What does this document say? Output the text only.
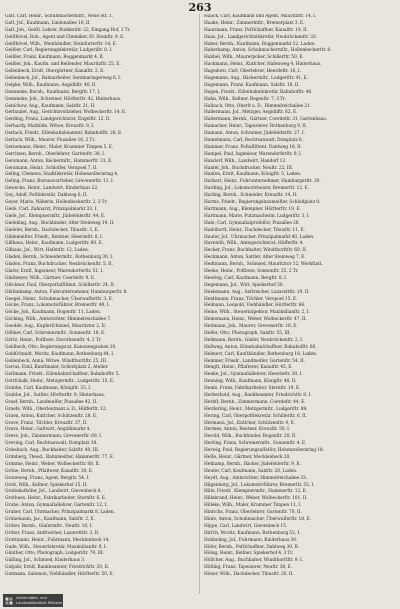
263

Gaſt, Carl, Heinr., Schuhmachermſtr., Neue Str. 1.

Gaſt, Joſ., Kaufmann, Lindenallee 10, II.

Gaſt, Joh., Geiſtl. Lehrer, Buddenſtr. 22, Eingang Hof, 1 Tr.

Geiſthövel, Rob., Agent und Chemiker, Fr. Steinſtr. 9, E.

Geiſthövel, Wilh., Weinhändler, Steinfurterſtr. 14, E.

Geißler, Carl, Regierungsſekretär, Ludgeriſtr. 8, I.

Geißler, Franz, Kaufmann, Roggenmarkt 4, II.

Geißler, Joh., Kaufm. und Reiſender, Mauritzſtr. 25, E.

Gellenbeck, Ernſt, Obergärtner, Kanalſtr. 2, E.

Gellenbeck, Joſ., Bahnarbeiter, Sentmaringerweg 6, I.

Gelpke, Wilh., Kaufmann, Aegidiiſtr. 40, II.

Gemmeke, Bernh., Kaufmann, Bergſtr. 17, I.

Gemmeke, Joh., Schreiner, Hörſterſtr. 42, Hinterhaus.

Genſchow, Aug., Kaufmann, Salzſtr. 21, II.

Gerbaulet, Aug., Gerichtsvollzieher, Wolbeckerſtr. 14, E.

Gerding, Franz, Landgerichtsrat, Engelſtr. 12, II.

Gerhardy, Mathilde, Witwe, Kreuzſtr. 9, I.

Gerlach, Friedr., Eiſenbahnbeamter, Bahnhofſtr. 28, E.

Gerlach, Wilh., Maurer, Piusallee 16, 2 Tr.

Gernemann, Heinr., Maler, Krummer Timpen 5, E.

Gerritzen, Bernh., Oberlehrer, Gartenſtr. 38, I.

Gersmann, Anton, Bäckermſtr., Hammerſtr. 31, E.

Gersmann, Heinr., Schloſſer, Verspoel 7, II.

Geſing, Clemens, Stadtſekretär, Hohenzollernring 4.

Geſing, Franz, Bureauvorſteher, Grevenerſtr. 11, I.

Gewecke, Heinr., Landwirt, Kinderhaus 22.

Gey, Adolf, Poſtſekretär, Dahlweg 6, II.

Geyer, Marie, Näherin, Hollenbeckerſtr. 2, 3 Tr.

Gieſe, Carl, Zahnarzt, Prinzipalmarkt 33, I.

Gieſe, Joſ., Klempnermſtr., Jüdefelderſtr. 44, E.

Gieſeking, Aug., Buchbinder, Alter Steinweg 19, II.

Gieſeler, Bernh., Dachdecker, Tibusſtr. 3, E.

Gildemeiſter, Friedr., Rentner, Heerdeſtr. 8, I.

Gillhaus, Heinr., Kaufmann, Ludgeriſtr. 60, E.

Gilhaus, Joſ., Wirt, Hafenſtr. 12, Laden.

Gladen, Bernh., Schneidermſtr., Rothenburg 30, I.

Gladen, Franz, Buchdrucker, Neubrückenſtr. 5, II.

Glaſer, Ernſt, Ingenieur, Warendorferſtr. 51, I.

Glaſmeyer, Wilh., Gärtner, Coerdeſtr. 9, E.

Glöckner, Paul, Oberpoſtaſſiſtent, Schillerſtr. 24, II.

Glüſenkamp, Anton, Fuhrunternehmer, Hamburgerſtr. 8.

Gnegel, Heinr., Schuhmacher, Überwaſſerſtr. 3, E.

Göcke, Franz, Lokomotivführer, Bremerſtr. 40, I.

Göcke, Joh., Kaufmann, Bogenſtr. 11, Laden.

Göcking, Wilh., Amtsrichter, Himmelreichallee 7.

Goedde, Aug., Kupferſchmied, Mauritztor 2, II.

Göllner, Carl, Schreinermſtr., Sonnenſtr. 18, E.

Görtz, Heinr., Poſtbote, Dorotheenſtr. 4, 2 Tr.

Goldbeck, Otto, Regierungsrat, Kanonengraben 10.

Goldſchmidt, Moritz, Kaufmann, Rothenburg 44, I.

Gollenbeck, Anna, Witwe, Windthorſtſtr. 25, III.

Gorius, Emil, Kunſtmaler, Schloßplatz 2, Atelier.

Goſſmann, Friedr., Eiſenbahnſchaffner, Bahnhofſtr. 5.

Gottſchalk, Heinr., Metzgermſtr., Ludgeriſtr. 15, E.

Grabbe, Carl, Kaufmann, Königſtr. 33, I.

Grabbe, Joſ., Sattler, Hörſterſtr. 9, Hinterhaus.

Graef, Bernh., Landmeſſer, Piusallee 42, II.

Graefe, Wilh., Oberleutnant a. D., Hüfferſtr. 12.

Graen, Anton, Kutſcher, Schützenſtr. 28, E.

Grave, Franz, Tiſchler, Kreuzſtr. 37, II.

Grave, Heinr., Gaſtwirt, Aegidiimarkt 4.

Greve, Joh., Zimmermann, Grevenerſtr. 60, I.

Greving, Carl, Rechtsanwalt, Domplatz 18.

Griesbach, Aug., Buchhalter, Salzſtr. 40, III.

Grimberg, Theod., Bahnmeiſter, Hammerſtr. 77, E.

Grimme, Heinr., Weber, Wolbeckerſtr. 88, II.

Gröne, Bernh., Pflaſterer, Kanalſtr. 30, E.

Groneweg, Franz, Agent, Bergſtr. 54, I.

Groß, Wilh., Kellner, Spiekerhof 15, II.

Großekathöfer, Joſ., Landwirt, Gievenbeck 8.

Grothues, Heinr., Fabrikarbeiter, Sternſtr. 6, E.

Grube, Anton, Gymnaſiallehrer, Gartenſtr. 12, I.

Gruber, Carl, Uhrmacher, Prinzipalmarkt 8, Laden.

Grünebaum, Jac., Kaufmann, Salzſtr. 2, E.

Grüter, Bernh., Glaſermſtr., Neuſtr. 10, I.

Grüter, Franz, Anſtreicher, Lazarettſtr. 3, II.

Gruttmann, Heinr., Fuhrmann, Mecklenbeck 14.

Gude, Wilh., Steuerſekretär, Maximilianſtr. 9, I.

Günther, Otto, Photograph, Ludgeriſtr. 79, III.

Güſſing, Joſ., Schmied, Kinderhaus 3.

Gutjahr, Ernſt, Bankbeamter, Friedrichſtr. 20, II.

Gutmann, Salomon, Viehhändler, Hörſterſtr. 50, E.

Haack, Carl, Kaufmann und Agent, Mauritzſtr. 14, I.

Haake, Heinr., Zimmermſtr., Bremerplatz 3, E.

Haarmann, Franz, Poſtſchaffner, Kanalſtr. 19, II.

Haas, Joſ., Landgerichtsſekretär, Neubrückenſtr. 33.

Haber, Bernh., Kaufmann, Roggenmarkt 12, Laden.

Haberkamp, Anton, Schuhmachermſtr., Hollenbeckerſtr. 8.

Habbel, Wilh., Maurerpolier, Schillerſtr. 50, E.

Hackmann, Heinr., Kutſcher, Hafenweg 4, Hinterhaus.

Hagedorn, Carl, Oberlehrer, Heerdeſtr. 16, I.

Hagemann, Aug., Bäckermſtr., Ludgeriſtr. 41, E.

Hagemann, Franz, Kaufmann, Salzſtr. 18, II.

Hagen, Friedr., Eiſenbahnſekretär, Bahnhofſtr. 46.

Hahn, Wilh., Kellner, Bogenſtr. 7, 3 Tr.

Halbach, Otto, Oberſt a. D., Himmelreichallee 21.

Hallermann, Joſ., Metzger, Aegidiiſtr. 62, E.

Haltermann, Bernh., Gärtner, Coerdeſtr. 31, Gartenhaus.

Hamacher, Heinr., Tapezierer, Rothenburg 9, II.

Hamann, Anton, Schreiner, Jüdefelderſtr. 27, I.

Hamelmann, Carl, Rechtsanwalt, Domplatz 6.

Hammer, Franz, Poſtaſſiſtent, Dahlweg 18, II.

Hampel, Paul, Ingenieur, Warendorferſtr. 9, I.

Handorf, Wilh., Landwirt, Handorf 12.

Hanſel, Joh., Buchdrucker, Neuſtr. 22, III.

Hanſen, Ernſt, Kaufmann, Königſtr. 5, Laden.

Harbert, Heinr., Fuhrunternehmer, Hamburgerſtr. 30.

Harding, Joſ., Lokomotivheizer, Bremerſtr. 12, E.

Harling, Bernh., Schneider, Kreuzſtr. 14, II.

Harms, Friedr., Regierungsbaumeiſter, Schloßplatz 9.

Hartmann, Aug., Klempner, Hörſterſtr. 19, E.

Hartmann, Marie, Putzmacherin, Ludgeriſtr. 3, I.

Haſe, Carl, Gymnaſialprofeſſor, Piusallee 28.

Haſelhorſt, Heinr., Dachdecker, Tibusſtr. 11, E.

Hauſer, Joſ., Uhrmacher, Prinzipalmarkt 40, Laden.

Havenith, Wilh., Amtsgerichtsrat, Hüfferſtr. 4.

Hecker, Franz, Buchhalter, Windthorſtſtr. 60, II.

Heckmann, Anton, Sattler, Alter Steinweg 7, E.

Hedtmann, Bernh., Schmied, Mauritztor 12, Werkſtatt.

Heeke, Heinr., Poſtbote, Sonnenſtr. 35, 2 Tr.

Heering, Carl, Kaufmann, Bergſtr. 8, I.

Hegemann, Joſ., Wirt, Spiekerhof 30.

Heidemann, Aug., Anſtreicher, Lazarettſtr. 19, II.

Heidtmann, Franz, Tiſchler, Verspoel 15, E.

Heimann, Leopold, Viehhändler, Hörſterſtr. 66.

Heine, Wilh., Steuerinſpektor, Maximilianſtr. 2, I.

Heinemann, Heinr., Weber, Wolbeckerſtr. 47, II.

Heitmann, Joh., Maurer, Grevenerſtr. 18, E.

Helfer, Otto, Photograph, Salzſtr. 55, III.

Hellmann, Bernh., Glaſer, Neubrückenſtr. 2, I.

Hellweg, Anton, Eiſenbahnſchaffner, Bahnhofſtr. 60.

Helmert, Carl, Kunſthändler, Rothenburg 18, Laden.

Hemmer, Friedr., Landmeſſer, Gartenſtr. 54, II.

Hengſt, Heinr., Pflaſterer, Kanalſtr. 45, E.

Henke, Joſ., Gymnaſiallehrer, Heerdeſtr. 30, I.

Henning, Wilh., Kaufmann, Königſtr. 48, II.

Henſe, Franz, Fabrikarbeiter, Sternſtr. 19, E.

Herberhold, Aug., Bankbeamter, Friedrichſtr. 8, I.

Herbſt, Bernh., Zimmermann, Coerdeſtr. 44, E.

Herdering, Heinr., Metzgermſtr., Ludgeriſtr. 88.

Hering, Carl, Oberpoſtſekretär, Schillerſtr. 6, II.

Hermann, Joſ., Kutſcher, Schützenſtr. 9, E.

Hermes, Anton, Rentner, Kreuzſtr. 50, I.

Herold, Wilh., Buchbinder, Bogenſtr. 20, II.

Herting, Franz, Schreinermſtr., Sonnenſtr. 4, E.

Herwig, Paul, Regierungsaſſeſſor, Hohenzollernring 18.

Heſſe, Heinr., Gärtner, Mecklenbeck 20.

Hetkamp, Bernh., Bäcker, Jüdefelderſtr. 9, E.

Heuſer, Carl, Kaufmann, Salzſtr. 28, Laden.

Heydt, Aug., Amtsrichter, Himmelreichallee 33.

Hilgenberg, Joſ., Lokomotivführer, Bremerſtr. 55, I.

Hille, Friedr., Klempnermſtr., Hammerſtr. 12, E.

Hillebrand, Heinr., Weber, Wolbeckerſtr. 101, II.

Hilleke, Wilh., Maler, Krummer Timpen 11, I.

Hinrichs, Franz, Oberlehrer, Gartenſtr. 70, II.

Hinſe, Anton, Schuhmacher, Überwaſſerſtr. 18, E.

Hippe, Carl, Landwirt, Gievenbeck 15.

Hirſch, Moritz, Kaufmann, Rothenburg 52, I.

Hobbeling, Joſ., Fuhrmann, Kinderhaus 30.

Höfer, Bernh., Poſtſchaffner, Dahlweg 30, II.

Höing, Heinr., Kellner, Spiekerhof 4, 3 Tr.

Hölſcher, Aug., Buchhalter, Windthorſtſtr. 9, I.

Hölting, Franz, Tapezierer, Neuſtr. 38, E.

Höner, Wilh., Dachdecker, Tibusſtr. 20, II.

Universitäts- und
Landesbibliothek Münster
